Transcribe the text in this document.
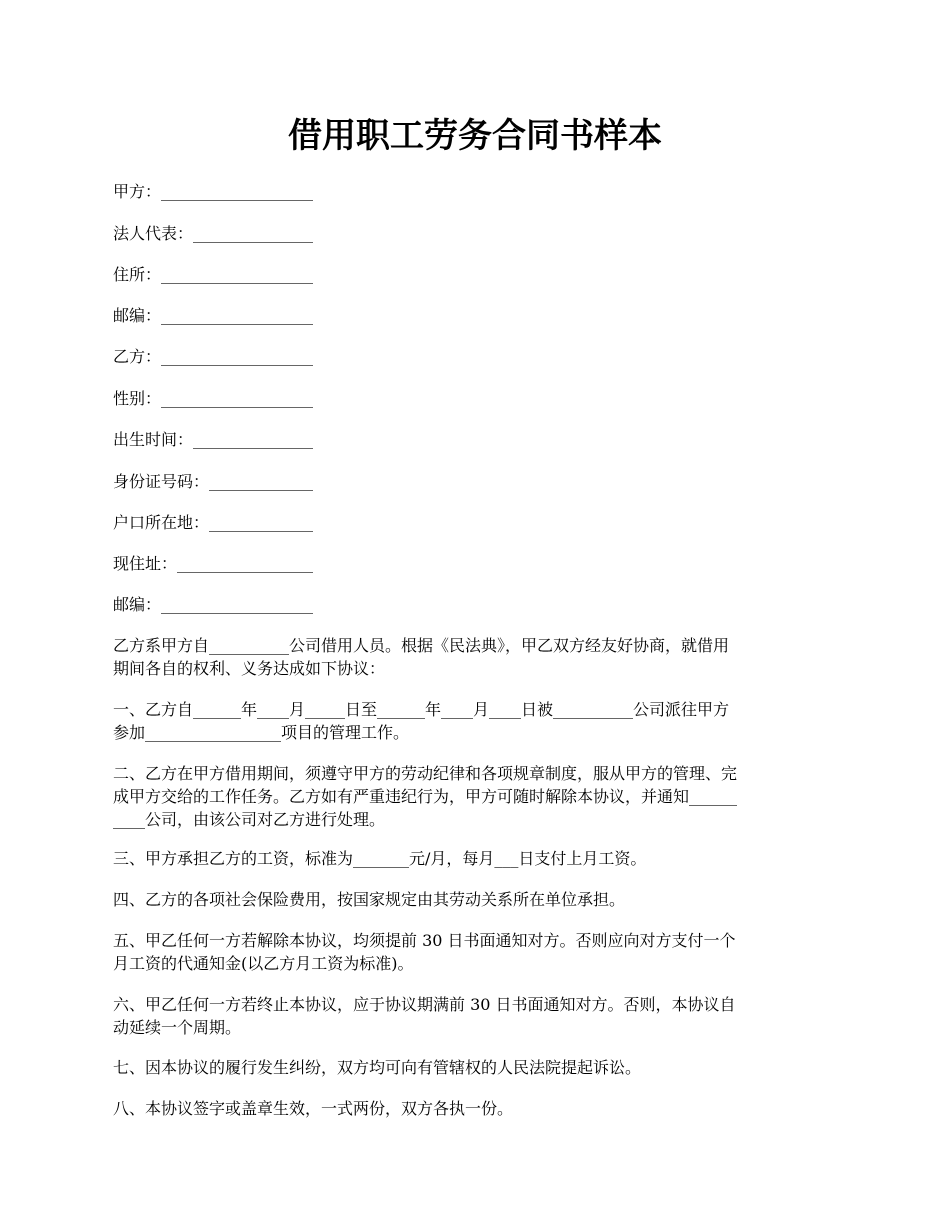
借用职工劳务合同书样本
甲方：___________________
法人代表：_______________
住所：___________________
邮编：___________________
乙方：___________________
性别：___________________
出生时间：_______________
身份证号码：_____________
户口所在地：_____________
现住址：_________________
邮编：___________________
乙方系甲方自__________公司借用人员。根据《民法典》，甲乙双方经友好协商，就借用
期间各自的权利、义务达成如下协议：
一、乙方自______年____月_____日至______年____月____日被__________公司派往甲方
参加_________________项目的管理工作。
二、乙方在甲方借用期间，须遵守甲方的劳动纪律和各项规章制度，服从甲方的管理、完
成甲方交给的工作任务。乙方如有严重违纪行为，甲方可随时解除本协议，并通知______
____公司，由该公司对乙方进行处理。
三、甲方承担乙方的工资，标准为_______元/月，每月___日支付上月工资。
四、乙方的各项社会保险费用，按国家规定由其劳动关系所在单位承担。
五、甲乙任何一方若解除本协议，均须提前 30 日书面通知对方。否则应向对方支付一个
月工资的代通知金(以乙方月工资为标准)。
六、甲乙任何一方若终止本协议，应于协议期满前 30 日书面通知对方。否则，本协议自
动延续一个周期。
七、因本协议的履行发生纠纷，双方均可向有管辖权的人民法院提起诉讼。
八、本协议签字或盖章生效，一式两份，双方各执一份。
